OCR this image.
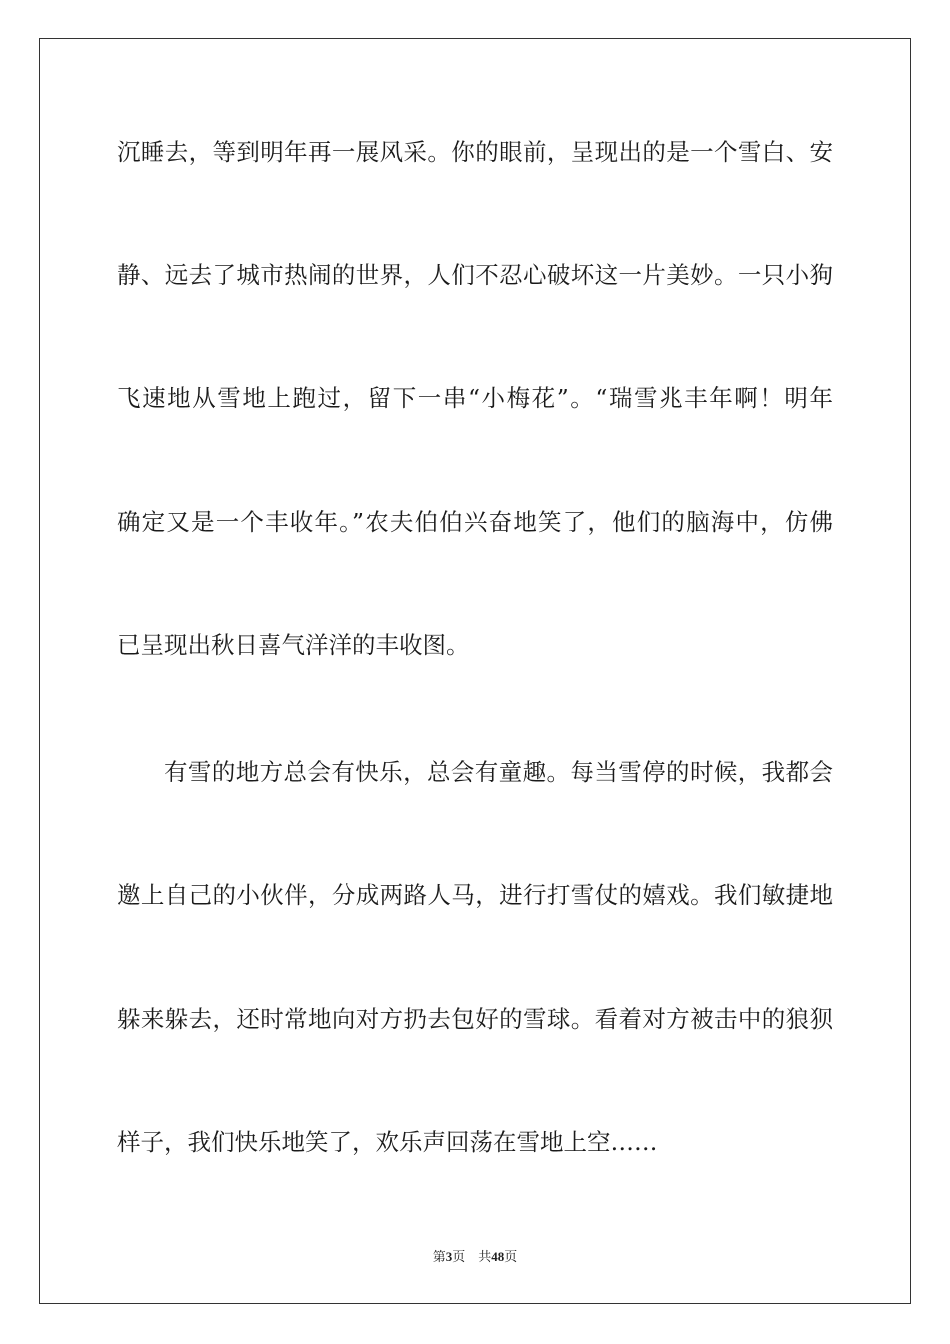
沉睡去，等到明年再一展风采。你的眼前，呈现出的是一个雪白、安
静、远去了城市热闹的世界，人们不忍心破坏这一片美妙。一只小狗
飞速地从雪地上跑过，留下一串“小梅花”。“瑞雪兆丰年啊！明年
确定又是一个丰收年。”农夫伯伯兴奋地笑了，他们的脑海中，仿佛
已呈现出秋日喜气洋洋的丰收图。
有雪的地方总会有快乐，总会有童趣。每当雪停的时候，我都会
邀上自己的小伙伴，分成两路人马，进行打雪仗的嬉戏。我们敏捷地
躲来躲去，还时常地向对方扔去包好的雪球。看着对方被击中的狼狈
样子，我们快乐地笑了，欢乐声回荡在雪地上空……
第3页 共48页
